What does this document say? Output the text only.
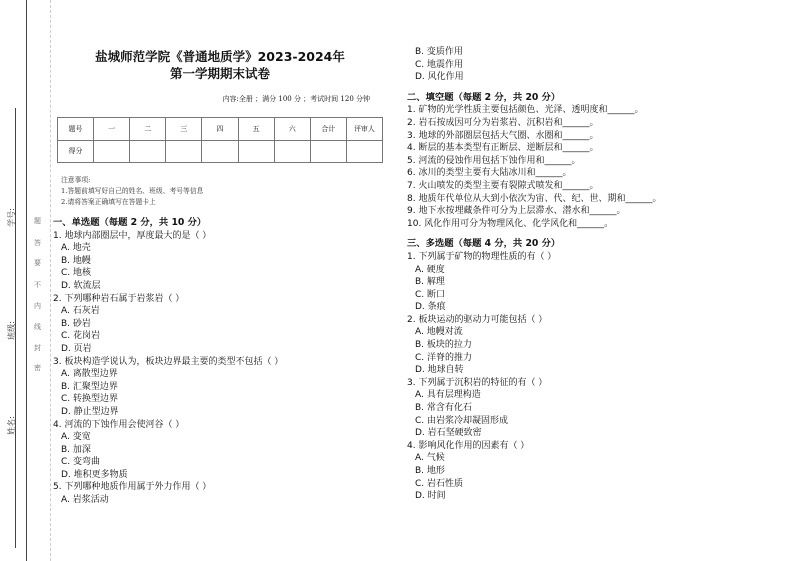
学号:
班级:
姓名:
题
答
要
不
内
线
封
密
盐城师范学院《普通地质学》2023-2024年
第一学期期末试卷
内容:全册 ；满分 100 分 ；考试时间 120 分钟
题号	一	二	三	四	五	六	合计	评审人
得分								
注意事项:
1.答题前填写好自己的姓名、班级、考号等信息
2.请将答案正确填写在答题卡上
一、单选题（每题 2 分，共 10 分）
1. 地球内部圈层中，厚度最大的是（ ）
A. 地壳
B. 地幔
C. 地核
D. 软流层
2. 下列哪种岩石属于岩浆岩（ ）
A. 石灰岩
B. 砂岩
C. 花岗岩
D. 页岩
3. 板块构造学说认为，板块边界最主要的类型不包括（ ）
A. 离散型边界
B. 汇聚型边界
C. 转换型边界
D. 静止型边界
4. 河流的下蚀作用会使河谷（ ）
A. 变宽
B. 加深
C. 变弯曲
D. 堆积更多物质
5. 下列哪种地质作用属于外力作用（ ）
A. 岩浆活动
B. 变质作用
C. 地震作用
D. 风化作用
二、填空题（每题 2 分，共 20 分）
1. 矿物的光学性质主要包括颜色、光泽、透明度和______。
2. 岩石按成因可分为岩浆岩、沉积岩和______。
3. 地球的外部圈层包括大气圈、水圈和______。
4. 断层的基本类型有正断层、逆断层和______。
5. 河流的侵蚀作用包括下蚀作用和______。
6. 冰川的类型主要有大陆冰川和______。
7. 火山喷发的类型主要有裂隙式喷发和______。
8. 地质年代单位从大到小依次为宙、代、纪、世、期和______。
9. 地下水按埋藏条件可分为上层滞水、潜水和______。
10. 风化作用可分为物理风化、化学风化和______。
三、多选题（每题 4 分，共 20 分）
1. 下列属于矿物的物理性质的有（ ）
A. 硬度
B. 解理
C. 断口
D. 条痕
2. 板块运动的驱动力可能包括（ ）
A. 地幔对流
B. 板块的拉力
C. 洋脊的推力
D. 地球自转
3. 下列属于沉积岩的特征的有（ ）
A. 具有层理构造
B. 常含有化石
C. 由岩浆冷却凝固形成
D. 岩石坚硬致密
4. 影响风化作用的因素有（ ）
A. 气候
B. 地形
C. 岩石性质
D. 时间
